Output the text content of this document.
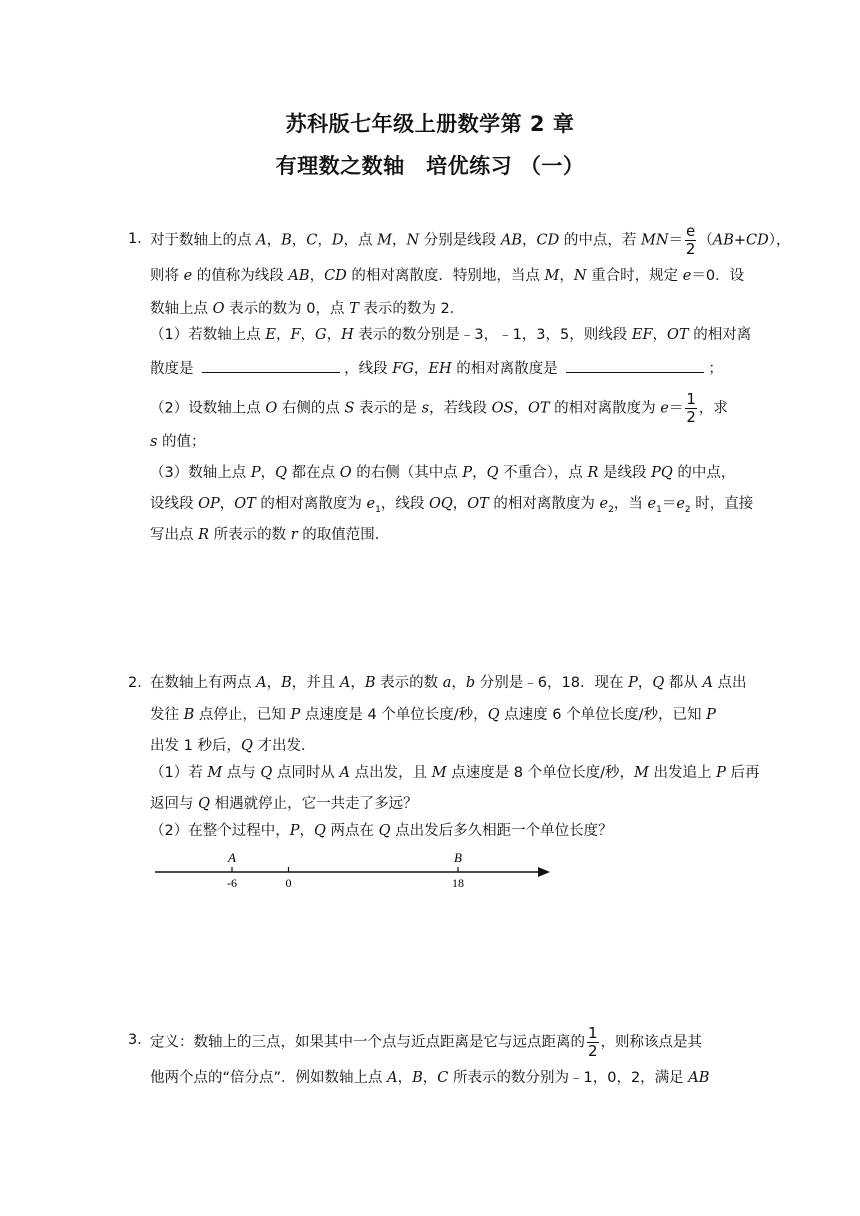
苏科版七年级上册数学第 2 章
有理数之数轴　培优练习 （一）
1．
对于数轴上的点 A，B，C，D，点 M，N 分别是线段 AB，CD 的中点，若 $MN= \frac{e}{2} (AB+CD)$，
则将 e 的值称为线段 AB，CD 的相对离散度．特别地，当点 M，N 重合时，规定 e＝0．设
数轴上点 O 表示的数为 0，点 T 表示的数为 2．
（1）若数轴上点 E，F，G，H 表示的数分别是﹣3，﹣1，3，5，则线段 EF，OT 的相对离
散度是	，线段 FG，EH 的相对离散度是	；
（2）设数轴上点 O 右侧的点 S 表示的是 s，若线段 OS，OT 的相对离散度为 $e= \frac{1}{2}$ ，求
s 的值；
（3）数轴上点 P，Q 都在点 O 的右侧（其中点 P，Q 不重合），点 R 是线段 PQ 的中点，
设线段 OP，OT 的相对离散度为 $e_1$，线段 OQ，OT 的相对离散度为 $e_2$，当 $e_1=e_2$ 时，直接
写出点 R 所表示的数 r 的取值范围．
2．
在数轴上有两点 A，B，并且 A，B 表示的数 a，b 分别是﹣6，18．现在 P，Q 都从 A 点出
发往 B 点停止，已知 P 点速度是 4 个单位长度/秒，Q 点速度 6 个单位长度/秒，已知 P
出发 1 秒后，Q 才出发．
（1）若 M 点与 Q 点同时从 A 点出发，且 M 点速度是 8 个单位长度/秒，M 出发追上 P 后再
返回与 Q 相遇就停止，它一共走了多远？
（2）在整个过程中，P，Q 两点在 Q 点出发后多久相距一个单位长度？
-6
A
0	18
B
3．
定义：数轴上的三点，如果其中一个点与近点距离是它与远点距离的 $\frac{1}{2}$ ，则称该点是其
他两个点的“倍分点”．例如数轴上点 A，B，C 所表示的数分别为﹣1，0，2，满足 AB
